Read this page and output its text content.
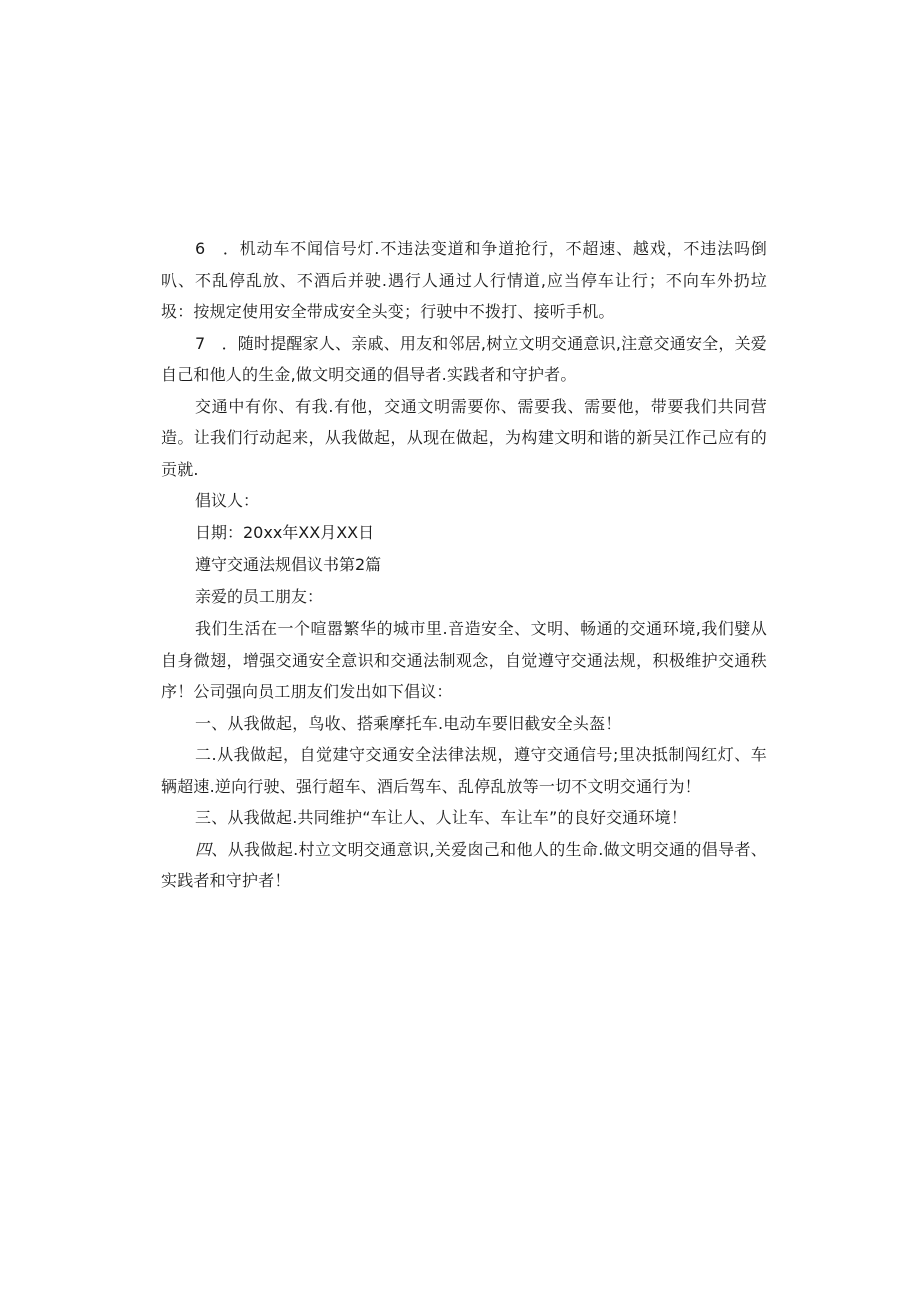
6　．机动车不闻信号灯.不违法变道和争道抢行，不超速、越戏，不违法吗倒叭、不乱停乱放、不酒后并驶.遇行人通过人行情道,应当停车让行；不向车外扔垃圾：按规定使用安全带成安全头变；行驶中不拨打、接听手机。

7　．随时提醒家人、亲戚、用友和邻居,树立文明交通意识,注意交通安全，关爱自己和他人的生金,做文明交通的倡导者.实践者和守护者。

交通中有你、有我.有他，交通文明需要你、需要我、需要他，带要我们共同营造。让我们行动起来，从我做起，从现在做起，为构建文明和谐的新吴江作己应有的贡就.

倡议人：

日期：20xx年XX月XX日

遵守交通法规倡议书第2篇

亲爱的员工朋友：

我们生活在一个喧嚣繁华的城市里.音造安全、文明、畅通的交通环境,我们嬖从自身微翅，增强交通安全意识和交通法制观念，自觉遵守交通法规，积极维护交通秩序！公司强向员工朋友们发出如下倡议：

一、从我做起，鸟收、搭乘摩托车.电动车要旧截安全头盔！

二.从我做起，自觉建守交通安全法律法规，遵守交通信号;里决抵制闯红灯、车辆超速.逆向行驶、强行超车、酒后驾车、乱停乱放等一切不文明交通行为！

三、从我做起.共同维护“车让人、人让车、车让车”的良好交通环境！

四、从我做起.村立文明交通意识,关爱囱己和他人的生命.做文明交通的倡导者、实践者和守护者！
